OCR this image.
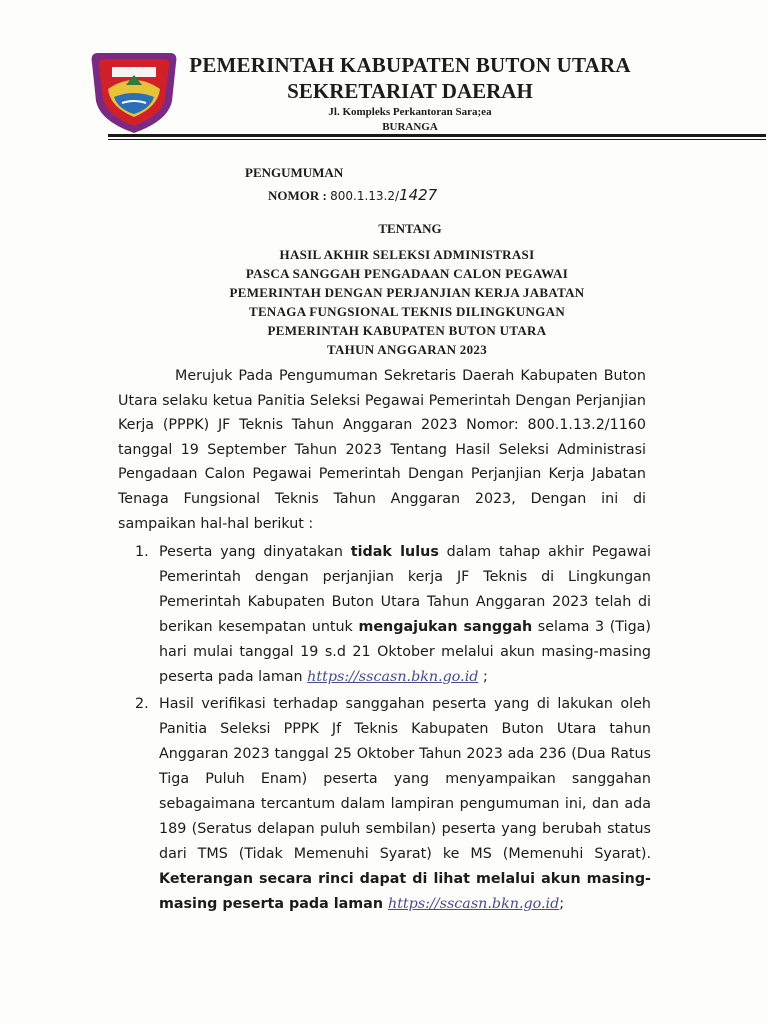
PEMERINTAH KABUPATEN BUTON UTARA
SEKRETARIAT DAERAH
Jl. Kompleks Perkantoran Sara;ea
BURANGA
PENGUMUMAN
NOMOR : 800.1.13.2/1427
TENTANG
HASIL AKHIR SELEKSI ADMINISTRASI
PASCA SANGGAH PENGADAAN CALON PEGAWAI
PEMERINTAH DENGAN PERJANJIAN KERJA JABATAN
TENAGA FUNGSIONAL TEKNIS DILINGKUNGAN
PEMERINTAH KABUPATEN BUTON UTARA
TAHUN ANGGARAN 2023
Merujuk Pada Pengumuman Sekretaris Daerah Kabupaten Buton Utara selaku ketua Panitia Seleksi Pegawai Pemerintah Dengan Perjanjian Kerja (PPPK) JF Teknis Tahun Anggaran 2023 Nomor: 800.1.13.2/1160 tanggal 19 September Tahun 2023 Tentang Hasil Seleksi Administrasi Pengadaan Calon Pegawai Pemerintah Dengan Perjanjian Kerja Jabatan Tenaga Fungsional Teknis Tahun Anggaran 2023, Dengan ini di sampaikan hal-hal berikut :
1. Peserta yang dinyatakan tidak lulus dalam tahap akhir Pegawai Pemerintah dengan perjanjian kerja JF Teknis di Lingkungan Pemerintah Kabupaten Buton Utara Tahun Anggaran 2023 telah di berikan kesempatan untuk mengajukan sanggah selama 3 (Tiga) hari mulai tanggal 19 s.d 21 Oktober melalui akun masing-masing peserta pada laman https://sscasn.bkn.go.id ;
2. Hasil verifikasi terhadap sanggahan peserta yang di lakukan oleh Panitia Seleksi PPPK Jf Teknis Kabupaten Buton Utara tahun Anggaran 2023 tanggal 25 Oktober Tahun 2023 ada 236 (Dua Ratus Tiga Puluh Enam) peserta yang menyampaikan sanggahan sebagaimana tercantum dalam lampiran pengumuman ini, dan ada 189 (Seratus delapan puluh sembilan) peserta yang berubah status dari TMS (Tidak Memenuhi Syarat) ke MS (Memenuhi Syarat). Keterangan secara rinci dapat di lihat melalui akun masing-masing peserta pada laman https://sscasn.bkn.go.id;
